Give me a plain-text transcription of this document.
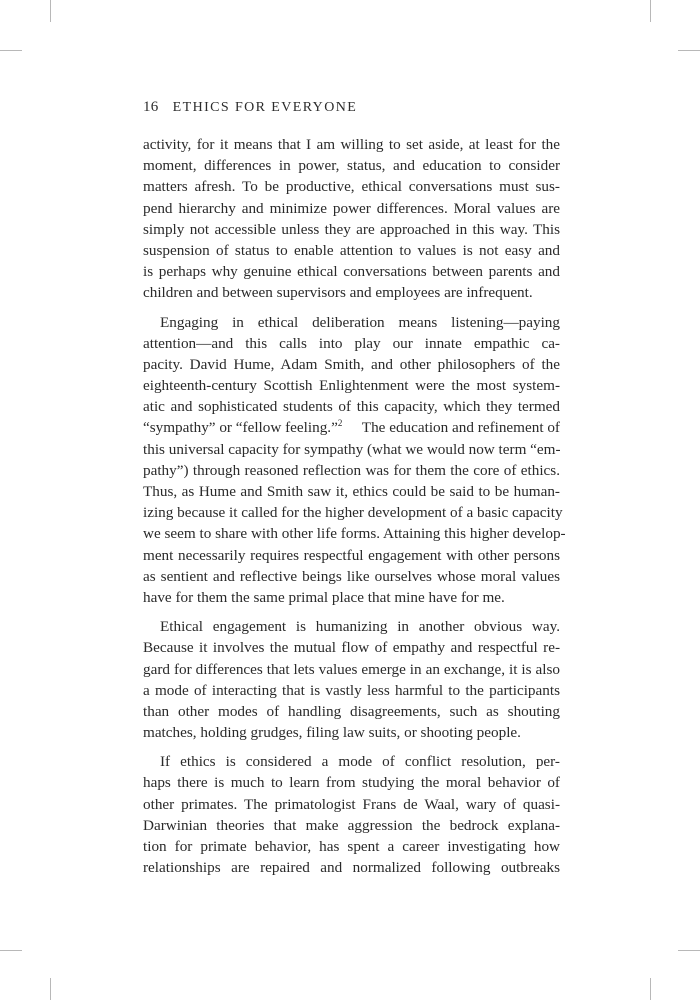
16 ETHICS FOR EVERYONE
activity, for it means that I am willing to set aside, at least for the
moment, differences in power, status, and education to consider
matters afresh. To be productive, ethical conversations must sus-
pend hierarchy and minimize power differences. Moral values are
simply not accessible unless they are approached in this way. This
suspension of status to enable attention to values is not easy and
is perhaps why genuine ethical conversations between parents and
children and between supervisors and employees are infrequent.
Engaging in ethical deliberation means listening—paying
attention—and this calls into play our innate empathic ca-
pacity. David Hume, Adam Smith, and other philosophers of the
eighteenth-century Scottish Enlightenment were the most system-
atic and sophisticated students of this capacity, which they termed
“sympathy” or “fellow feeling.”$^2$ The education and refinement of
this universal capacity for sympathy (what we would now term “em-
pathy”) through reasoned reflection was for them the core of ethics.
Thus, as Hume and Smith saw it, ethics could be said to be human-
izing because it called for the higher development of a basic capacity
we seem to share with other life forms. Attaining this higher develop-
ment necessarily requires respectful engagement with other persons
as sentient and reflective beings like ourselves whose moral values
have for them the same primal place that mine have for me.
Ethical engagement is humanizing in another obvious way.
Because it involves the mutual flow of empathy and respectful re-
gard for differences that lets values emerge in an exchange, it is also
a mode of interacting that is vastly less harmful to the participants
than other modes of handling disagreements, such as shouting
matches, holding grudges, filing law suits, or shooting people.
If ethics is considered a mode of conflict resolution, per-
haps there is much to learn from studying the moral behavior of
other primates. The primatologist Frans de Waal, wary of quasi-
Darwinian theories that make aggression the bedrock explana-
tion for primate behavior, has spent a career investigating how
relationships are repaired and normalized following outbreaks
